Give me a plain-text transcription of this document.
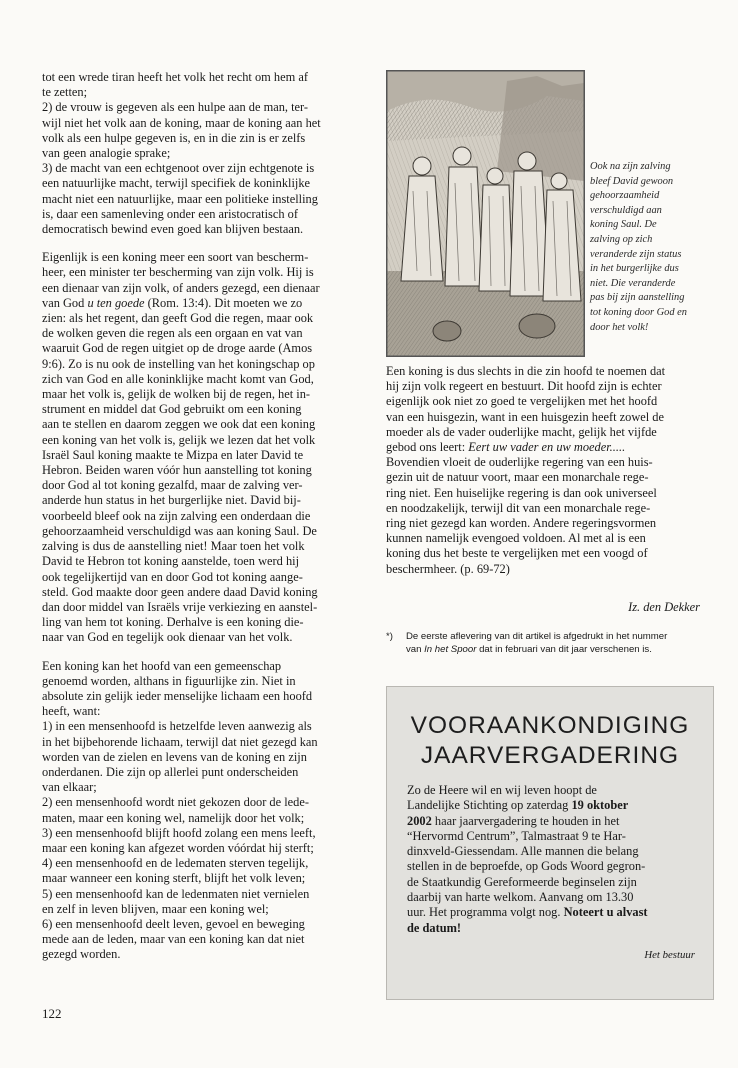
tot een wrede tiran heeft het volk het recht om hem af
te zetten;
2) de vrouw is gegeven als een hulpe aan de man, ter-
wijl niet het volk aan de koning, maar de koning aan het
volk als een hulpe gegeven is, en in die zin is er zelfs
van geen analogie sprake;
3) de macht van een echtgenoot over zijn echtgenote is
een natuurlijke macht, terwijl specifiek de koninklijke
macht niet een natuurlijke, maar een politieke instelling
is, daar een samenleving onder een aristocratisch of
democratisch bewind even goed kan blijven bestaan.

Eigenlijk is een koning meer een soort van bescherm-
heer, een minister ter bescherming van zijn volk. Hij is
een dienaar van zijn volk, of anders gezegd, een dienaar
van God u ten goede (Rom. 13:4). Dit moeten we zo
zien: als het regent, dan geeft God die regen, maar ook
de wolken geven die regen als een orgaan en vat van
waaruit God de regen uitgiet op de droge aarde (Amos
9:6). Zo is nu ook de instelling van het koningschap op
zich van God en alle koninklijke macht komt van God,
maar het volk is, gelijk de wolken bij de regen, het in-
strument en middel dat God gebruikt om een koning
aan te stellen en daarom zeggen we ook dat een koning
een koning van het volk is, gelijk we lezen dat het volk
Israël Saul koning maakte te Mizpa en later David te
Hebron. Beiden waren vóór hun aanstelling tot koning
door God al tot koning gezalfd, maar de zalving ver-
anderde hun status in het burgerlijke niet. David bij-
voorbeeld bleef ook na zijn zalving een onderdaan die
gehoorzaamheid verschuldigd was aan koning Saul. De
zalving is dus de aanstelling niet! Maar toen het volk
David te Hebron tot koning aanstelde, toen werd hij
ook tegelijkertijd van en door God tot koning aange-
steld. God maakte door geen andere daad David koning
dan door middel van Israëls vrije verkiezing en aanstel-
ling van hem tot koning. Derhalve is een koning die-
naar van God en tegelijk ook dienaar van het volk.

Een koning kan het hoofd van een gemeenschap
genoemd worden, althans in figuurlijke zin. Niet in
absolute zin gelijk ieder menselijke lichaam een hoofd
heeft, want:
1) in een mensenhoofd is hetzelfde leven aanwezig als
in het bijbehorende lichaam, terwijl dat niet gezegd kan
worden van de zielen en levens van de koning en zijn
onderdanen. Die zijn op allerlei punt onderscheiden
van elkaar;
2) een mensenhoofd wordt niet gekozen door de lede-
maten, maar een koning wel, namelijk door het volk;
3) een mensenhoofd blijft hoofd zolang een mens leeft,
maar een koning kan afgezet worden vóórdat hij sterft;
4) een mensenhoofd en de ledematen sterven tegelijk,
maar wanneer een koning sterft, blijft het volk leven;
5) een mensenhoofd kan de ledenmaten niet vernielen
en zelf in leven blijven, maar een koning wel;
6) een mensenhoofd deelt leven, gevoel en beweging
mede aan de leden, maar van een koning kan dat niet
gezegd worden.

Ook na zijn zalving
bleef David gewoon
gehoorzaamheid
verschuldigd aan
koning Saul. De
zalving op zich
veranderde zijn status
in het burgerlijke dus
niet. Die veranderde
pas bij zijn aanstelling
tot koning door God en
door het volk!

Een koning is dus slechts in die zin hoofd te noemen dat
hij zijn volk regeert en bestuurt. Dit hoofd zijn is echter
eigenlijk ook niet zo goed te vergelijken met het hoofd
van een huisgezin, want in een huisgezin heeft zowel de
moeder als de vader ouderlijke macht, gelijk het vijfde
gebod ons leert: Eert uw vader en uw moeder.....
Bovendien vloeit de ouderlijke regering van een huis-
gezin uit de natuur voort, maar een monarchale rege-
ring niet. Een huiselijke regering is dan ook universeel
en noodzakelijk, terwijl dit van een monarchale rege-
ring niet gezegd kan worden. Andere regeringsvormen
kunnen namelijk evengoed voldoen. Al met al is een
koning dus het beste te vergelijken met een voogd of
beschermheer. (p. 69-72)

Iz. den Dekker
*) De eerste aflevering van dit artikel is afgedrukt in het nummer
van In het Spoor dat in februari van dit jaar verschenen is.
VOORAANKONDIGING
JAARVERGADERING
Zo de Heere wil en wij leven hoopt de
Landelijke Stichting op zaterdag 19 oktober
2002 haar jaarvergadering te houden in het
“Hervormd Centrum”, Talmastraat 9 te Har-
dinxveld-Giessendam. Alle mannen die belang
stellen in de beproefde, op Gods Woord gegron-
de Staatkundig Gereformeerde beginselen zijn
daarbij van harte welkom. Aanvang om 13.30
uur. Het programma volgt nog. Noteert u alvast
de datum!
Het bestuur
122
